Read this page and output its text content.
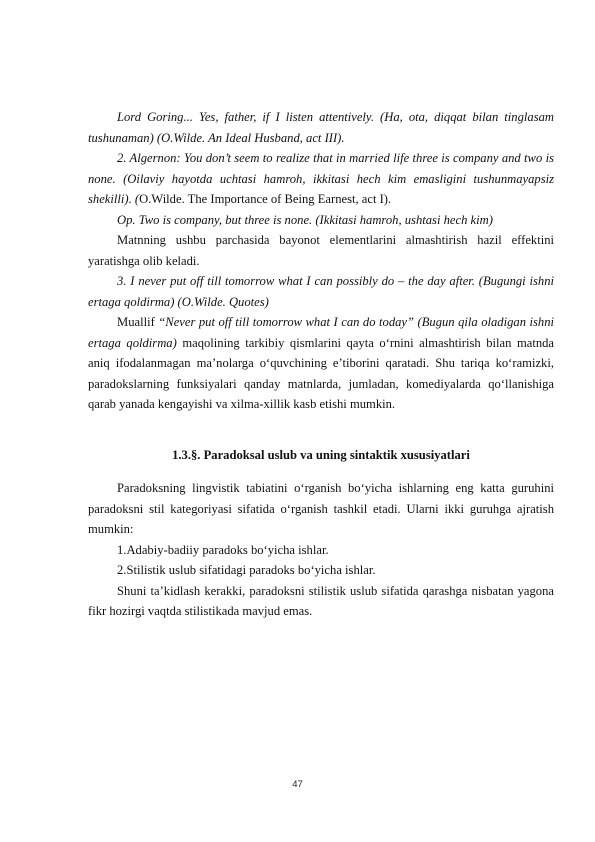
Lord Goring... Yes, father, if I listen attentively. (Ha, ota, diqqat bilan tinglasam tushunaman) (O.Wilde. An Ideal Husband, act III).

2. Algernon: You don’t seem to realize that in married life three is company and two is none. (Oilaviy hayotda uchtasi hamroh, ikkitasi hech kim emasligini tushunmayapsiz shekilli). (O.Wilde. The Importance of Being Earnest, act I).

Op. Two is company, but three is none. (Ikkitasi hamroh, ushtasi hech kim)

Matnning ushbu parchasida bayonot elementlarini almashtirish hazil effektini yaratishga olib keladi.

3. I never put off till tomorrow what I can possibly do – the day after. (Bugungi ishni ertaga qoldirma) (O.Wilde. Quotes)

Muallif “Never put off till tomorrow what I can do today” (Bugun qila oladigan ishni ertaga qoldirma) maqolining tarkibiy qismlarini qayta o‘rnini almashtirish bilan matnda aniq ifodalanmagan ma’nolarga o‘quvchining e’tiborini qaratadi. Shu tariqa ko‘ramizki, paradokslarning funksiyalari qanday matnlarda, jumladan, komediyalarda qo‘llanishiga qarab yanada kengayishi va xilma-xillik kasb etishi mumkin.

1.3.§. Paradoksal uslub va uning sintaktik xususiyatlari

Paradoksning lingvistik tabiatini o‘rganish bo‘yicha ishlarning eng katta guruhini paradoksni stil kategoriyasi sifatida o‘rganish tashkil etadi. Ularni ikki guruhga ajratish mumkin:

1.Adabiy-badiiy paradoks bo‘yicha ishlar.

2.Stilistik uslub sifatidagi paradoks bo‘yicha ishlar.

Shuni ta’kidlash kerakki, paradoksni stilistik uslub sifatida qarashga nisbatan yagona fikr hozirgi vaqtda stilistikada mavjud emas.

47
